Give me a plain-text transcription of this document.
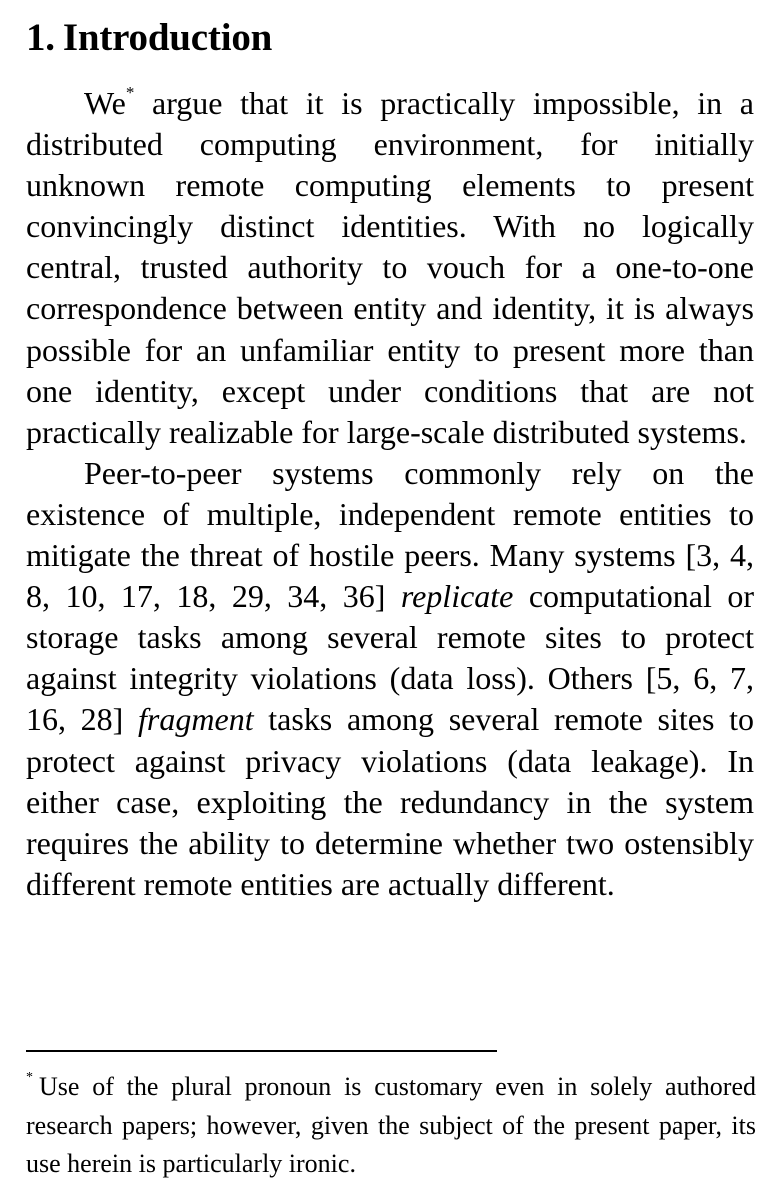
1. Introduction

We* argue that it is practically impossible, in a distributed computing environment, for initially unknown remote computing elements to present convincingly distinct identities. With no logically central, trusted authority to vouch for a one-to-one correspondence between entity and identity, it is always possible for an unfamiliar entity to present more than one identity, except under conditions that are not practically realizable for large-scale distributed systems.

Peer-to-peer systems commonly rely on the existence of multiple, independent remote entities to mitigate the threat of hostile peers. Many systems [3, 4, 8, 10, 17, 18, 29, 34, 36] replicate computational or storage tasks among several remote sites to protect against integrity violations (data loss). Others [5, 6, 7, 16, 28] fragment tasks among several remote sites to protect against privacy violations (data leakage). In either case, exploiting the redundancy in the system requires the ability to determine whether two ostensibly different remote entities are actually different.

* Use of the plural pronoun is customary even in solely authored research papers; however, given the subject of the present paper, its use herein is particularly ironic.
